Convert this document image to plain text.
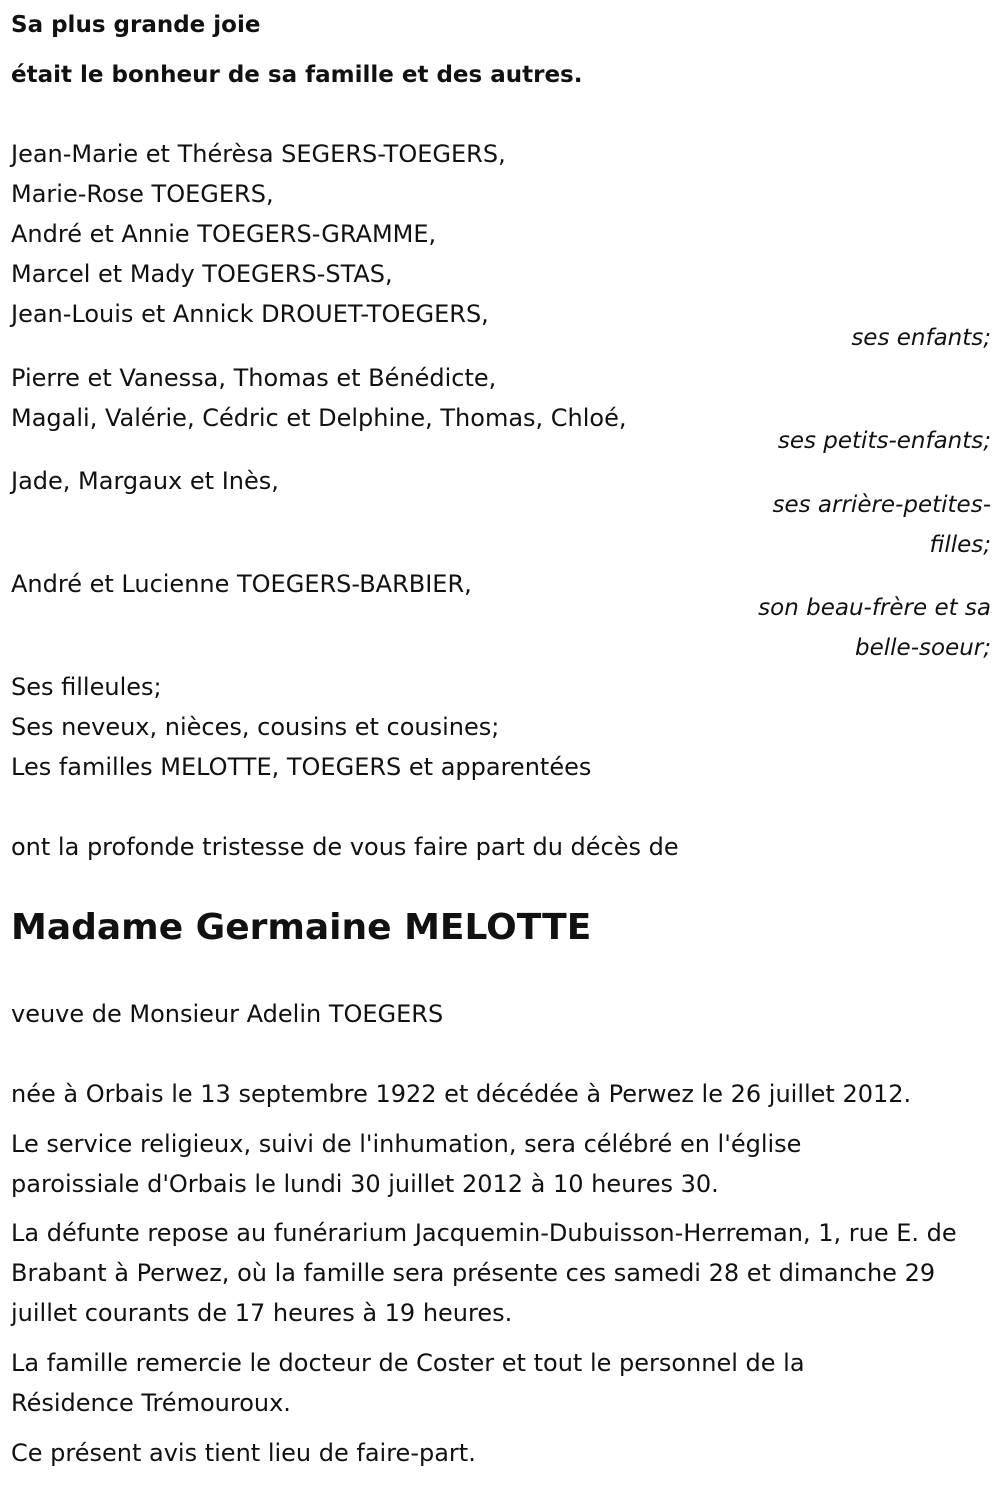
Sa plus grande joie
était le bonheur de sa famille et des autres.

Jean-Marie et Thérèsa SEGERS-TOEGERS,

Marie-Rose TOEGERS,

André et Annie TOEGERS-GRAMME,

Marcel et Mady TOEGERS-STAS,

Jean-Louis et Annick DROUET-TOEGERS,

ses enfants;

Pierre et Vanessa, Thomas et Bénédicte,

Magali, Valérie, Cédric et Delphine, Thomas, Chloé,

ses petits-enfants;

Jade, Margaux et Inès,

ses arrière-petites-

filles;

André et Lucienne TOEGERS-BARBIER,

son beau-frère et sa

belle-soeur;

Ses filleules;

Ses neveux, nièces, cousins et cousines;

Les familles MELOTTE, TOEGERS et apparentées

ont la profonde tristesse de vous faire part du décès de

Madame Germaine MELOTTE

veuve de Monsieur Adelin TOEGERS

née à Orbais le 13 septembre 1922 et décédée à Perwez le 26 juillet 2012.

Le service religieux, suivi de l'inhumation, sera célébré en l'église paroissiale d'Orbais le lundi 30 juillet 2012 à 10 heures 30.

La défunte repose au funérarium Jacquemin-Dubuisson-Herreman, 1, rue E. de Brabant à Perwez, où la famille sera présente ces samedi 28 et dimanche 29 juillet courants de 17 heures à 19 heures.

La famille remercie le docteur de Coster et tout le personnel de la Résidence Trémouroux.

Ce présent avis tient lieu de faire-part.
